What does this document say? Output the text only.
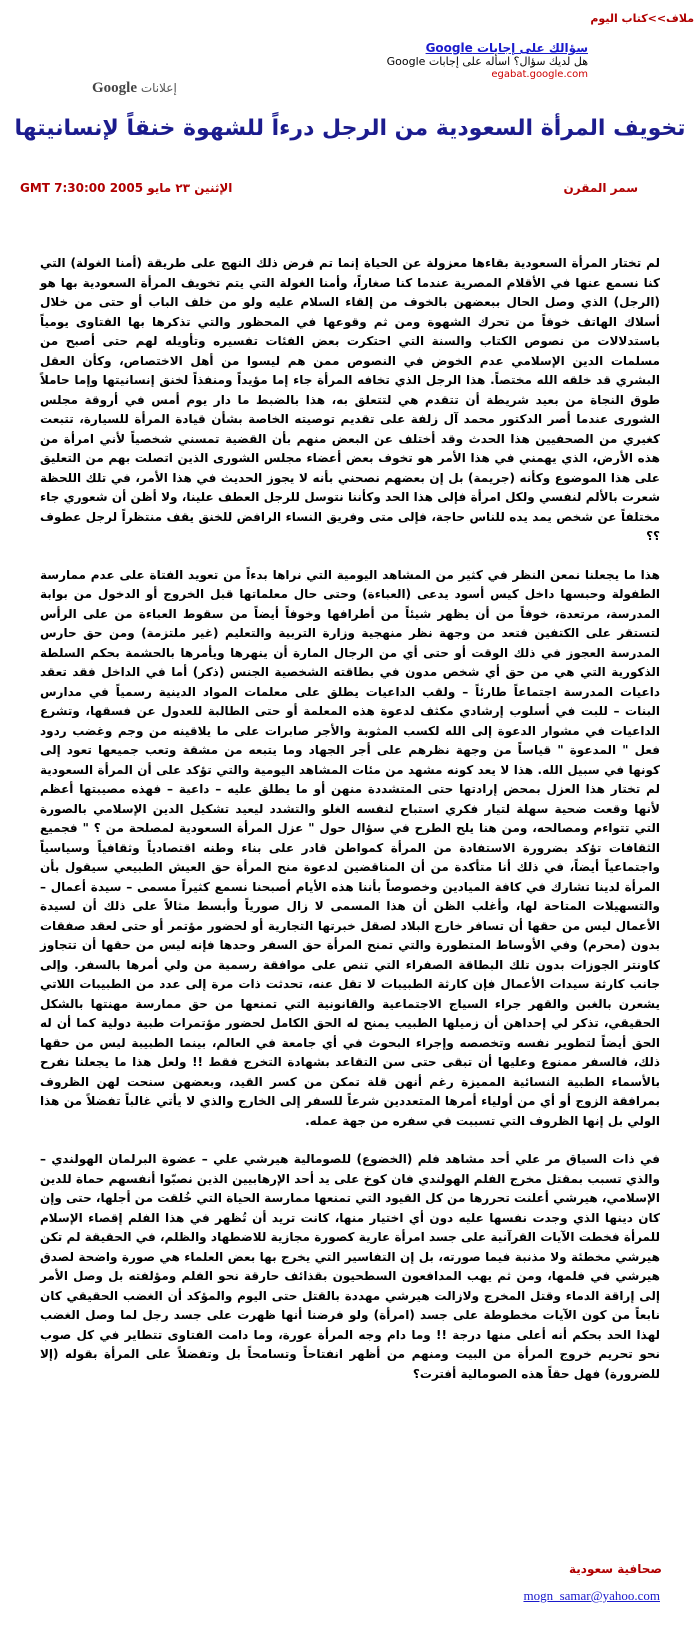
ملاف>>كتاب اليوم
سؤالك على إجابات Google
هل لديك سؤال؟ اسأله على إجابات Google
egabat.google.com
Google إعلانات
تخويف المرأة السعودية من الرجل درءاً للشهوة خنقاً لإنسانيتها
سمر المقرن
الإثنين ٢٣ مايو 2005 GMT 7:30:00

لم تختار المرأة السعودية بقاءها معزولة عن الحياة إنما تم فرض ذلك النهج على طريقة (أمنا الغولة) التي كنا نسمع عنها في الأقلام المصرية عندما كنا صغاراً، وأمنا الغولة التي يتم تخويف المرأة السعودية بها هو (الرجل) الذي وصل الحال ببعضهن بالخوف من إلقاء السلام عليه ولو من خلف الباب أو حتى من خلال أسلاك الهاتف خوفاً من تحرك الشهوة ومن ثم وقوعها في المحظور والتي تذكرها بها الفتاوى يومياً باستدلالات من نصوص الكتاب والسنة التي احتكرت بعض الفئات تفسيره وتأويله لهم حتى أصبح من مسلمات الدين الإسلامي عدم الخوض في النصوص ممن هم ليسوا من أهل الاختصاص، وكأن العقل البشري قد خلقه الله مختصاً. هذا الرجل الذي تخافه المرأة جاء إما مؤيداً ومنفذاً لخنق إنسانيتها وإما حاملاً طوق النجاة من بعيد شريطة أن تتقدم هي لتتعلق به، هذا بالضبط ما دار يوم أمس في أروقة مجلس الشورى عندما أصر الدكتور محمد آل زلفة على تقديم توصيته الخاصة بشأن قيادة المرأة للسيارة، تتبعت كغيري من الصحفيين هذا الحدث وقد أختلف عن البعض منهم بأن القضية تمسني شخصياً لأني امرأة من هذه الأرض، الذي يهمني في هذا الأمر هو تخوف بعض أعضاء مجلس الشورى الذين اتصلت بهم من التعليق على هذا الموضوع وكأنه (جريمة) بل إن بعضهم نصحني بأنه لا يجوز الحديث في هذا الأمر، في تلك اللحظة شعرت بالألم لنفسي ولكل امرأة فإلى هذا الحد وكأننا نتوسل للرجل العطف علينا، ولا أظن أن شعوري جاء مختلفاً عن شخص يمد يده للناس حاجة، فإلى متى وفريق النساء الرافض للخنق يقف منتظراً لرجل عطوف ؟؟

هذا ما يجعلنا نمعن النظر في كثير من المشاهد اليومية التي نراها بدءاً من تعويد الفتاة على عدم ممارسة الطفولة وحبسها داخل كيس أسود يدعى (العباءة) وحتى حال معلماتها قبل الخروج أو الدخول من بوابة المدرسة، مرتعدة، خوفاً من أن يظهر شيئاً من أطرافها وخوفاً أيضاً من سقوط العباءة من على الرأس لتستقر على الكتفين فتعد من وجهة نظر منهجية وزارة التربية والتعليم (غير ملتزمة) ومن حق حارس المدرسة العجوز في ذلك الوقت أو حتى أي من الرجال المارة أن ينهرها ويأمرها بالحشمة بحكم السلطة الذكورية التي هي من حق أي شخص مدون في بطاقته الشخصية الجنس (ذكر) أما في الداخل فقد تعقد داعيات المدرسة اجتماعاً طارئاً – ولقب الداعيات يطلق على معلمات المواد الدينية رسمياً في مدارس البنات – للبت في أسلوب إرشادي مكثف لدعوة هذه المعلمة أو حتى الطالبة للعدول عن فسقها، وتشرع الداعيات في مشوار الدعوة إلى الله لكسب المثوبة والأجر صابرات على ما يلاقينه من وجم وغضب ردود فعل " المدعوة " قياساً من وجهة نظرهم على أجر الجهاد وما يتبعه من مشقة وتعب جميعها تعود إلى كونها في سبيل الله. هذا لا يعد كونه مشهد من مئات المشاهد اليومية والتي تؤكد على أن المرأة السعودية لم تختار هذا العزل بمحض إرادتها حتى المتشددة منهن أو ما يطلق عليه – داعية – فهذه مصيبتها أعظم لأنها وقعت ضحية سهلة لتيار فكري استباح لنفسه الغلو والتشدد ليعيد تشكيل الدين الإسلامي بالصورة التي تتواءم ومصالحه، ومن هنا يلح الطرح في سؤال حول " عزل المرأة السعودية لمصلحة من ؟ " فجميع الثقافات تؤكد بضرورة الاستفادة من المرأة كمواطن قادر على بناء وطنه اقتصادياً وثقافياً وسياسياً واجتماعياً أيضاً، في ذلك أنا متأكدة من أن المناقضين لدعوة منح المرأة حق العيش الطبيعي سيقول بأن المرأة لدينا تشارك في كافة الميادين وخصوصاً بأننا هذه الأيام أصبحنا نسمع كثيراً مسمى – سيدة أعمال – والتسهيلات المتاحة لها، وأغلب الظن أن هذا المسمى لا زال صورياً وأبسط مثالاً على ذلك أن لسيدة الأعمال ليس من حقها أن تسافر خارج البلاد لصقل خبرتها التجارية أو لحضور مؤتمر أو حتى لعقد صفقات بدون (محرم) وفي الأوساط المتطورة والتي تمنح المرأة حق السفر وحدها فإنه ليس من حقها أن تتجاوز كاونتر الجوزات بدون تلك البطاقة الصفراء التي تنص على موافقة رسمية من ولي أمرها بالسفر. وإلى جانب كارثة سيدات الأعمال فإن كارثة الطبيبات لا تقل عنه، تحدثت ذات مرة إلى عدد من الطبيبات اللاتي يشعرن بالغبن والقهر جراء السياج الاجتماعية والقانونية التي تمنعها من حق ممارسة مهنتها بالشكل الحقيقي، تذكر لي إحداهن أن زميلها الطبيب يمنح له الحق الكامل لحضور مؤتمرات طبية دولية كما أن له الحق أيضاً لتطوير نفسه وتخصصه وإجراء البحوث في أي جامعة في العالم، بينما الطبيبة ليس من حقها ذلك، فالسفر ممنوع وعليها أن تبقى حتى سن التقاعد بشهادة التخرج فقط !! ولعل هذا ما يجعلنا نفرح بالأسماء الطبية النسائية المميزة رغم أنهن قلة تمكن من كسر القيد، وبعضهن سنحت لهن الظروف بمرافقة الزوج أو أي من أولياء أمرها المتعددين شرعاً للسفر إلى الخارج والذي لا يأتي غالباً تفضلاً من هذا الولي بل إنها الظروف التي تسببت في سفره من جهة عمله.

في ذات السياق مر علي أحد مشاهد فلم (الخضوع) للصومالية هيرشي علي – عضوة البرلمان الهولندي – والذي تسبب بمقتل مخرج الفلم الهولندي فان كوخ على يد أحد الإرهابيين الذين نصبّوا أنفسهم حماة للدين الإسلامي، هيرشي أعلنت تحررها من كل القيود التي تمنعها ممارسة الحياة التي خُلقت من أجلها، حتى وإن كان دينها الذي وجدت نفسها عليه دون أي اختيار منها، كانت تريد أن تُظهر في هذا الفلم إقصاء الإسلام للمرأة فخطت الآيات القرآنية على جسد امرأة عارية كصورة مجازية للاضطهاد والظلم، في الحقيقة لم تكن هيرشي مخطئة ولا مذنبة فيما صورته، بل إن التفاسير التي يخرج بها بعض العلماء هي صورة واضحة لصدق هيرشي في فلمها، ومن ثم يهب المدافعون السطحيون بقذائف حارقة نحو الفلم ومؤلفته بل وصل الأمر إلى إراقة الدماء وقتل المخرج ولازالت هيرشي مهددة بالقتل حتى اليوم والمؤكد أن الغضب الحقيقي كان نابعاً من كون الآيات مخطوطة على جسد (امرأة) ولو فرضنا أنها ظهرت على جسد رجل لما وصل الغضب لهذا الحد بحكم أنه أعلى منها درجة !! وما دام وجه المرأة عورة، وما دامت الفتاوى تتطاير في كل صوب نحو تحريم خروج المرأة من البيت ومنهم من أظهر انفتاحاً وتسامحاً بل وتفضلاً على المرأة بقوله (إلا للضرورة) فهل حقاً هذه الصومالية أفترت؟

صحافية سعودية
mogn_samar@yahoo.com
